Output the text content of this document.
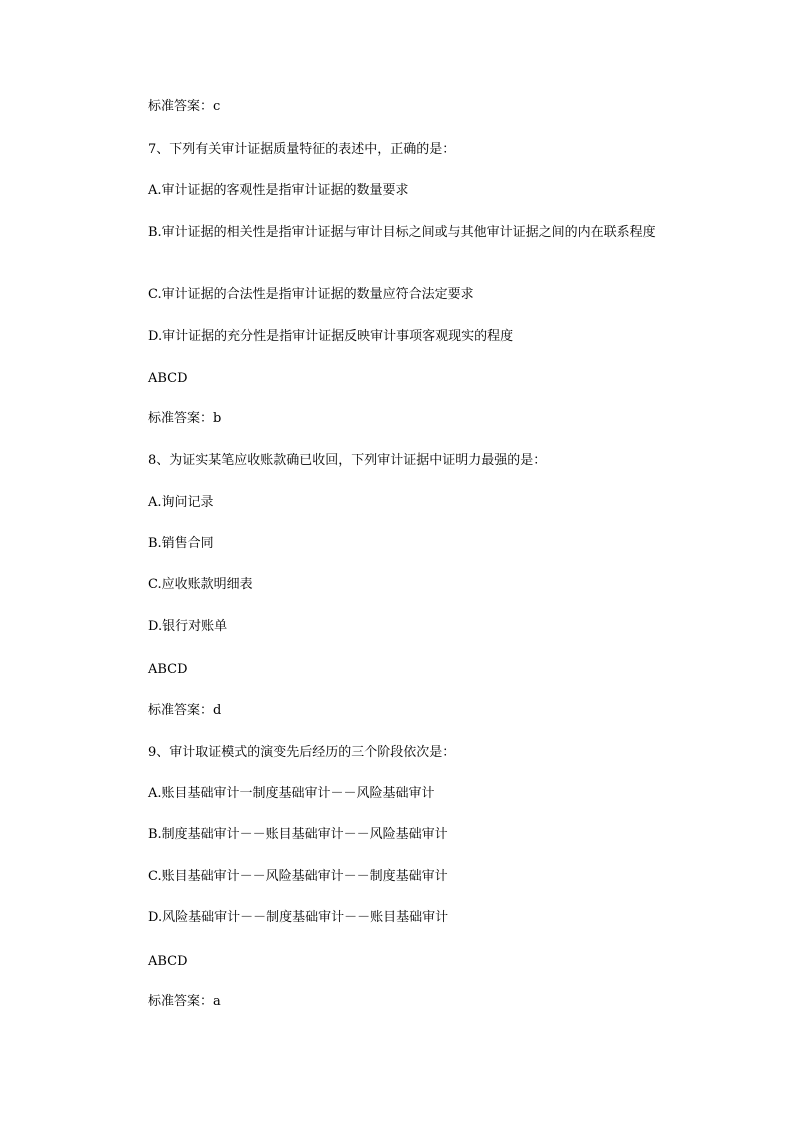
标准答案：c
7、下列有关审计证据质量特征的表述中，正确的是：
A.审计证据的客观性是指审计证据的数量要求
B.审计证据的相关性是指审计证据与审计目标之间或与其他审计证据之间的内在联系程度
C.审计证据的合法性是指审计证据的数量应符合法定要求
D.审计证据的充分性是指审计证据反映审计事项客观现实的程度
ABCD
标准答案：b
8、为证实某笔应收账款确已收回，下列审计证据中证明力最强的是：
A.询问记录
B.销售合同
C.应收账款明细表
D.银行对账单
ABCD
标准答案：d
9、审计取证模式的演变先后经历的三个阶段依次是：
A.账目基础审计一制度基础审计－－风险基础审计
B.制度基础审计－－账目基础审计－－风险基础审计
C.账目基础审计－－风险基础审计－－制度基础审计
D.风险基础审计－－制度基础审计－－账目基础审计
ABCD
标准答案：a
